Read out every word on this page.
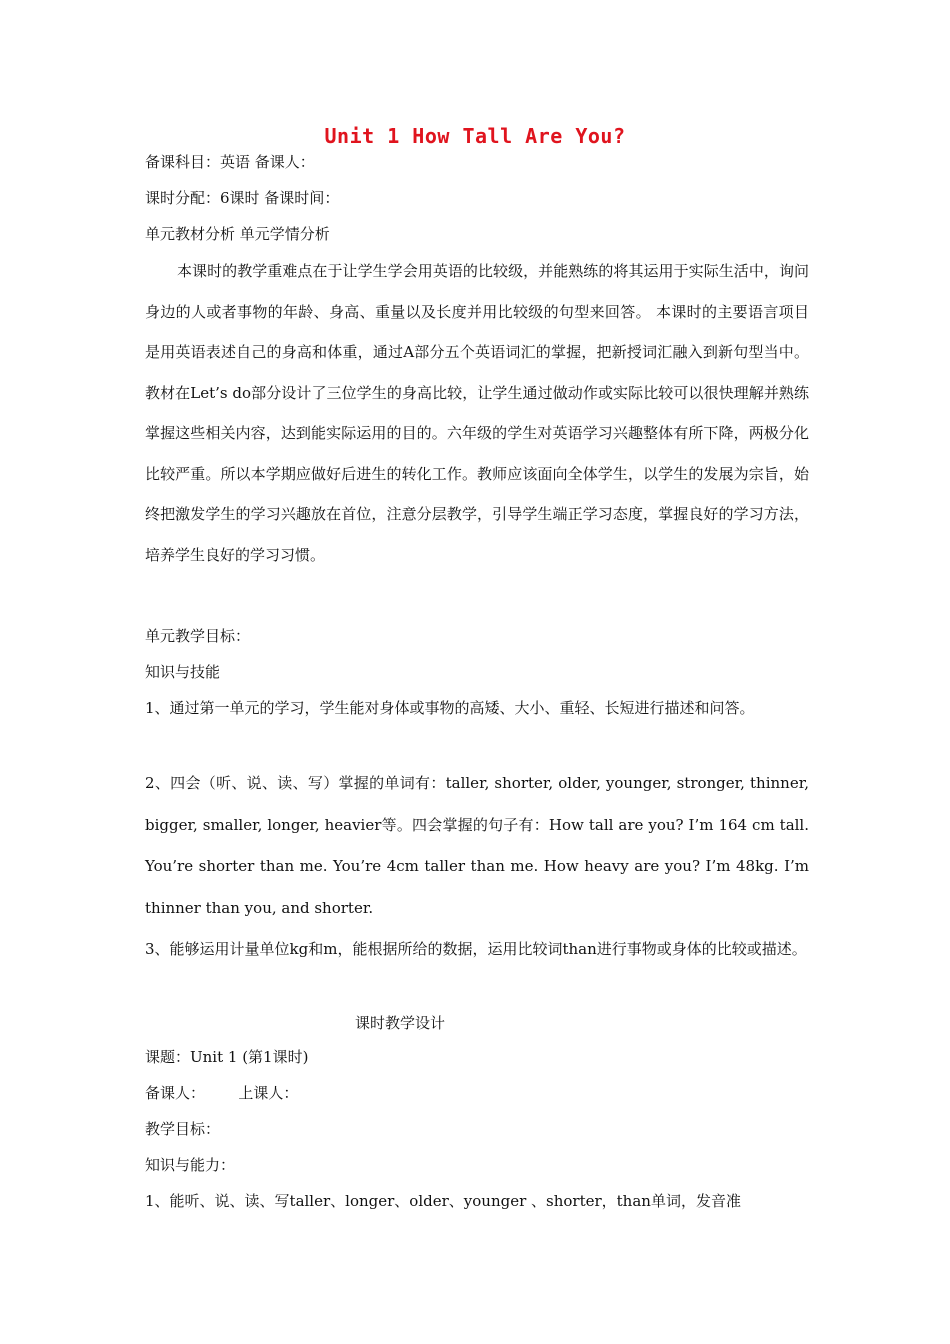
Unit 1 How Tall Are You?
备课科目：英语 备课人：
课时分配：6课时 备课时间：
单元教材分析 单元学情分析
本课时的教学重难点在于让学生学会用英语的比较级，并能熟练的将其运用于实际生活中，询问身边的人或者事物的年龄、身高、重量以及长度并用比较级的句型来回答。 本课时的主要语言项目是用英语表述自己的身高和体重，通过A部分五个英语词汇的掌握，把新授词汇融入到新句型当中。教材在Let’s do部分设计了三位学生的身高比较，让学生通过做动作或实际比较可以很快理解并熟练掌握这些相关内容，达到能实际运用的目的。六年级的学生对英语学习兴趣整体有所下降，两极分化比较严重。所以本学期应做好后进生的转化工作。教师应该面向全体学生，以学生的发展为宗旨，始终把激发学生的学习兴趣放在首位，注意分层教学，引导学生端正学习态度，掌握良好的学习方法，培养学生良好的学习习惯。
单元教学目标：
知识与技能
1、通过第一单元的学习，学生能对身体或事物的高矮、大小、重轻、长短进行描述和问答。
2、四会（听、说、读、写）掌握的单词有：taller, shorter, older, younger, stronger, thinner, bigger, smaller, longer, heavier等。四会掌握的句子有：How tall are you? I’m 164 cm tall. You’re shorter than me. You’re 4cm taller than me. How heavy are you? I’m 48kg. I’m thinner than you, and shorter.
3、能够运用计量单位kg和m，能根据所给的数据，运用比较词than进行事物或身体的比较或描述。
课时教学设计
课题：Unit 1 (第1课时)
备课人：       上课人：
教学目标：
知识与能力：
1、能听、说、读、写taller、longer、older、younger 、shorter，than单词，发音准
